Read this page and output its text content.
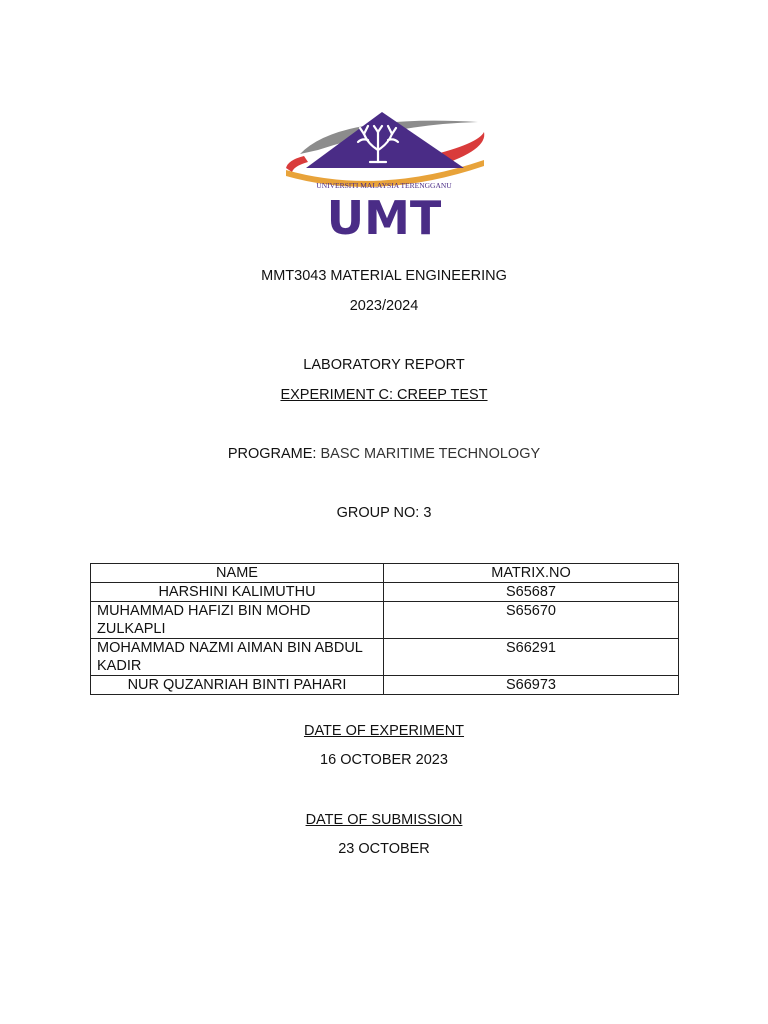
UNIVERSITI MALAYSIA TERENGGANU
UMT
MMT3043 MATERIAL ENGINEERING
2023/2024
LABORATORY REPORT
EXPERIMENT C: CREEP TEST
PROGRAME: BASC MARITIME TECHNOLOGY
GROUP NO: 3
NAME	MATRIX.NO
HARSHINI KALIMUTHU	S65687
MUHAMMAD HAFIZI BIN MOHD ZULKAPLI	S65670
MOHAMMAD NAZMI AIMAN BIN ABDUL KADIR	S66291
NUR QUZANRIAH BINTI PAHARI	S66973
DATE OF EXPERIMENT
16 OCTOBER 2023
DATE OF SUBMISSION
23 OCTOBER
